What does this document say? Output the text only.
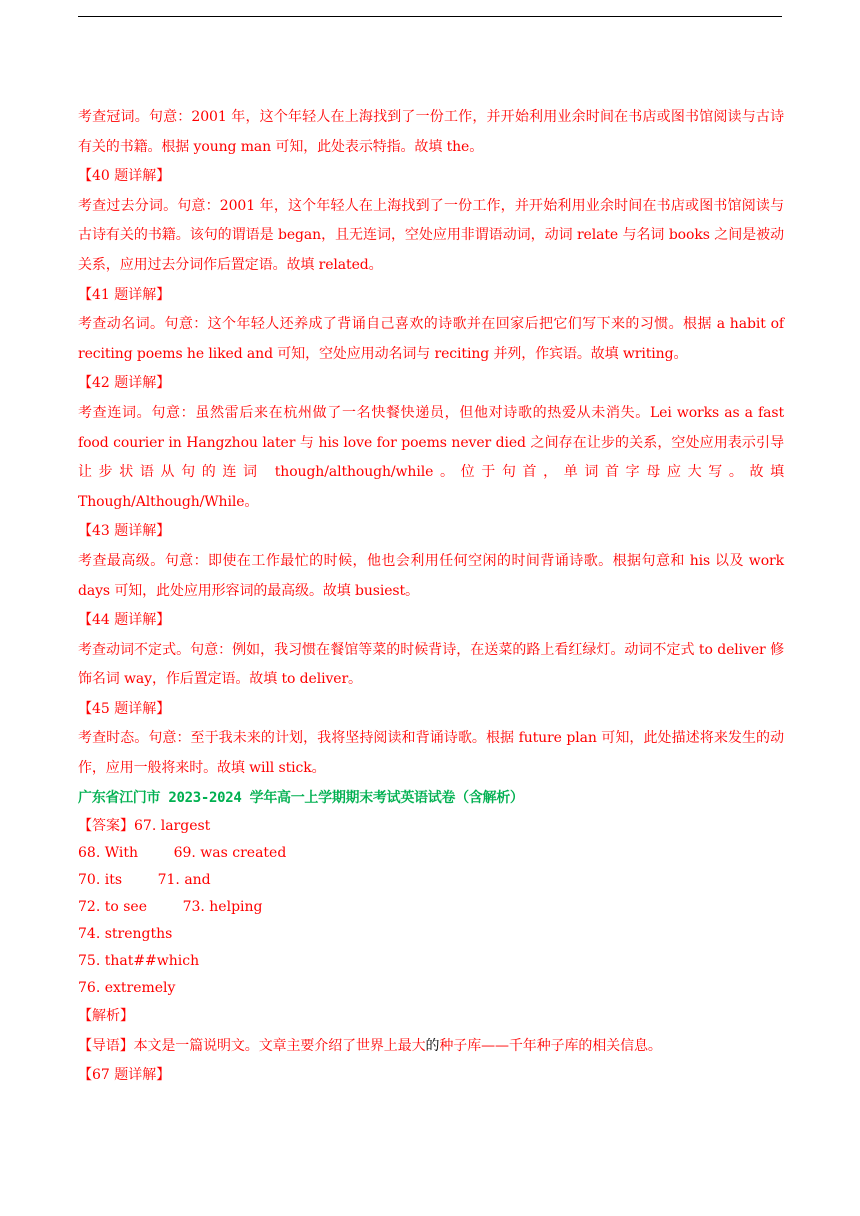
考查冠词。句意：2001 年，这个年轻人在上海找到了一份工作，并开始利用业余时间在书店或图书馆阅读与古诗有关的书籍。根据 young man 可知，此处表示特指。故填 the。

【40 题详解】

考查过去分词。句意：2001 年，这个年轻人在上海找到了一份工作，并开始利用业余时间在书店或图书馆阅读与古诗有关的书籍。该句的谓语是 began，且无连词，空处应用非谓语动词，动词 relate 与名词 books 之间是被动关系，应用过去分词作后置定语。故填 related。

【41 题详解】

考查动名词。句意：这个年轻人还养成了背诵自己喜欢的诗歌并在回家后把它们写下来的习惯。根据 a habit of reciting poems he liked and 可知，空处应用动名词与 reciting 并列，作宾语。故填 writing。

【42 题详解】

考查连词。句意：虽然雷后来在杭州做了一名快餐快递员，但他对诗歌的热爱从未消失。Lei works as a fast food courier in Hangzhou later 与 his love for poems never died 之间存在让步的关系，空处应用表示引导让步状语从句的连词 though/although/while。位于句首，单词首字母应大写。故填 Though/Although/While。

【43 题详解】

考查最高级。句意：即使在工作最忙的时候，他也会利用任何空闲的时间背诵诗歌。根据句意和 his 以及 work days 可知，此处应用形容词的最高级。故填 busiest。

【44 题详解】

考查动词不定式。句意：例如，我习惯在餐馆等菜的时候背诗，在送菜的路上看红绿灯。动词不定式 to deliver 修饰名词 way，作后置定语。故填 to deliver。

【45 题详解】

考查时态。句意：至于我未来的计划，我将坚持阅读和背诵诗歌。根据 future plan 可知，此处描述将来发生的动作，应用一般将来时。故填 will stick。

广东省江门市 2023-2024 学年高一上学期期末考试英语试卷（含解析）

【答案】67. largest

68. With        69. was created

70. its        71. and

72. to see        73. helping

74. strengths

75. that##which

76. extremely

【解析】

【导语】本文是一篇说明文。文章主要介绍了世界上最大的种子库——千年种子库的相关信息。

【67 题详解】
